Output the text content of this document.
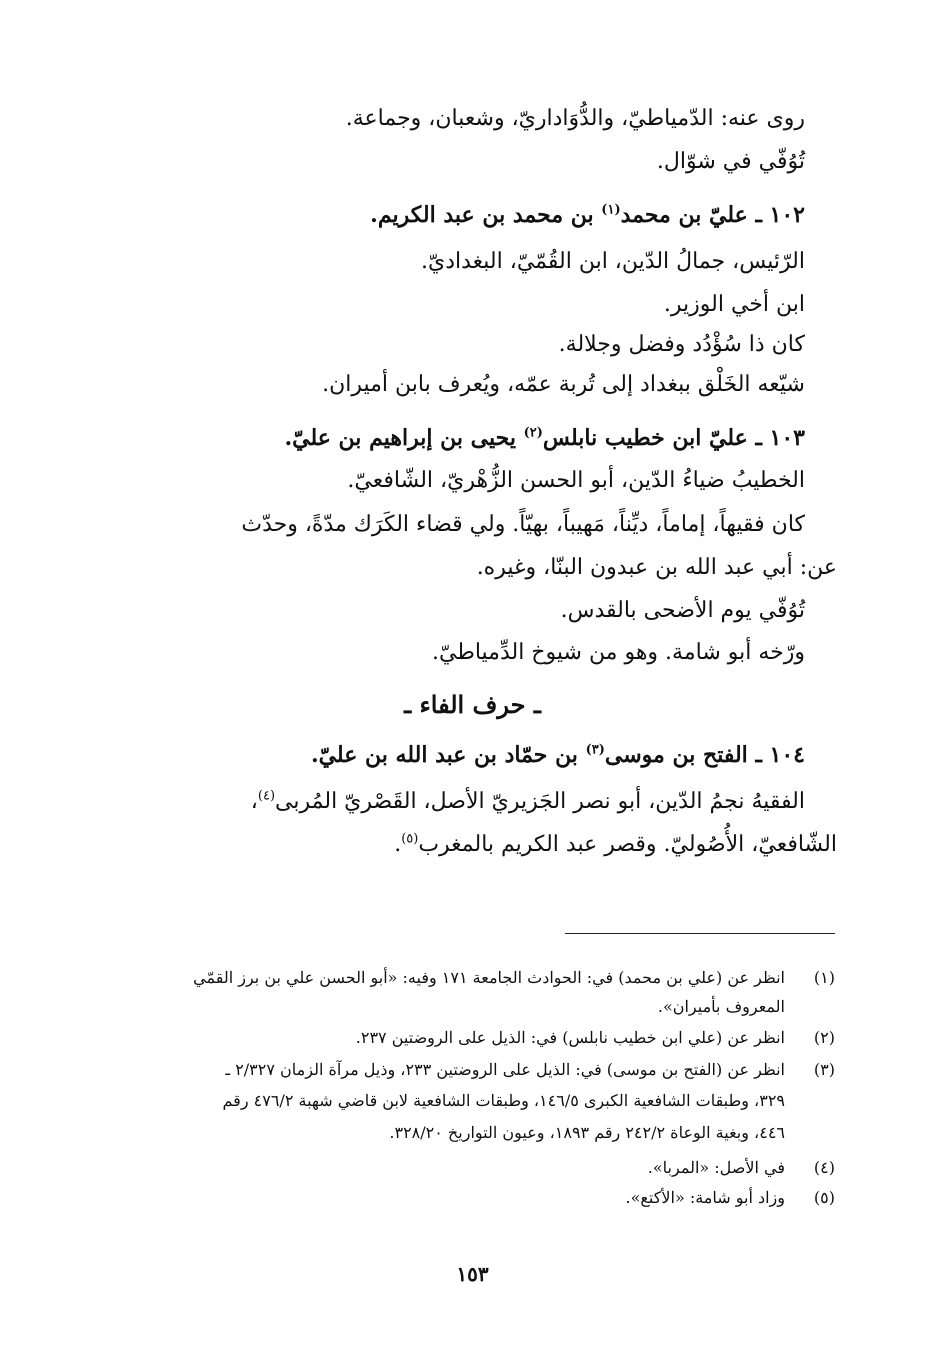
روى عنه: الدّمياطيّ، والدُّوَاداريّ، وشعبان، وجماعة.
تُوُفّي في شوّال.
١٠٢ ـ عليّ بن محمد$^{(١)}$ بن محمد بن عبد الكريم.
الرّئيس، جمالُ الدّين، ابن القُمّيّ، البغداديّ.
ابن أخي الوزير.
كان ذا سُؤْدُد وفضل وجلالة.
شيّعه الخَلْق ببغداد إلى تُربة عمّه، ويُعرف بابن أميران.
١٠٣ ـ عليّ ابن خطيب نابلس$^{(٢)}$ يحيى بن إبراهيم بن عليّ.
الخطيبُ ضياءُ الدّين، أبو الحسن الزُّهْريّ، الشّافعيّ.
كان فقيهاً، إماماً، ديِّناً، مَهيباً، بهيّاً. ولي قضاء الكَرَك مدّةً، وحدّث
عن: أبي عبد الله بن عبدون البنّا، وغيره.
تُوُفّي يوم الأضحى بالقدس.
ورّخه أبو شامة. وهو من شيوخ الدِّمياطيّ.
ـ حرف الفاء ـ
١٠٤ ـ الفتح بن موسى$^{(٣)}$ بن حمّاد بن عبد الله بن عليّ.
الفقيهُ نجمُ الدّين، أبو نصر الجَزيريّ الأصل، القَصْريّ المُربى$^{(٤)}$،
الشّافعيّ، الأُصُوليّ. وقصر عبد الكريم بالمغرب$^{(٥)}$.
(١)
(٢)
(٣)
(٤)
(٥)
انظر عن (علي بن محمد) في: الحوادث الجامعة ١٧١ وفيه: «أبو الحسن علي بن برز القمّي
المعروف بأميران».
انظر عن (علي ابن خطيب نابلس) في: الذيل على الروضتين ٢٣٧.
انظر عن (الفتح بن موسى) في: الذيل على الروضتين ٢٣٣، وذيل مرآة الزمان ٢/٣٢٧ ـ
٣٢٩، وطبقات الشافعية الكبرى ١٤٦/٥، وطبقات الشافعية لابن قاضي شهبة ٤٧٦/٢ رقم
٤٤٦، وبغية الوعاة ٢٤٢/٢ رقم ١٨٩٣، وعيون التواريخ ٣٢٨/٢٠.
في الأصل: «المربا».
وزاد أبو شامة: «الأكتع».
١٥٣
